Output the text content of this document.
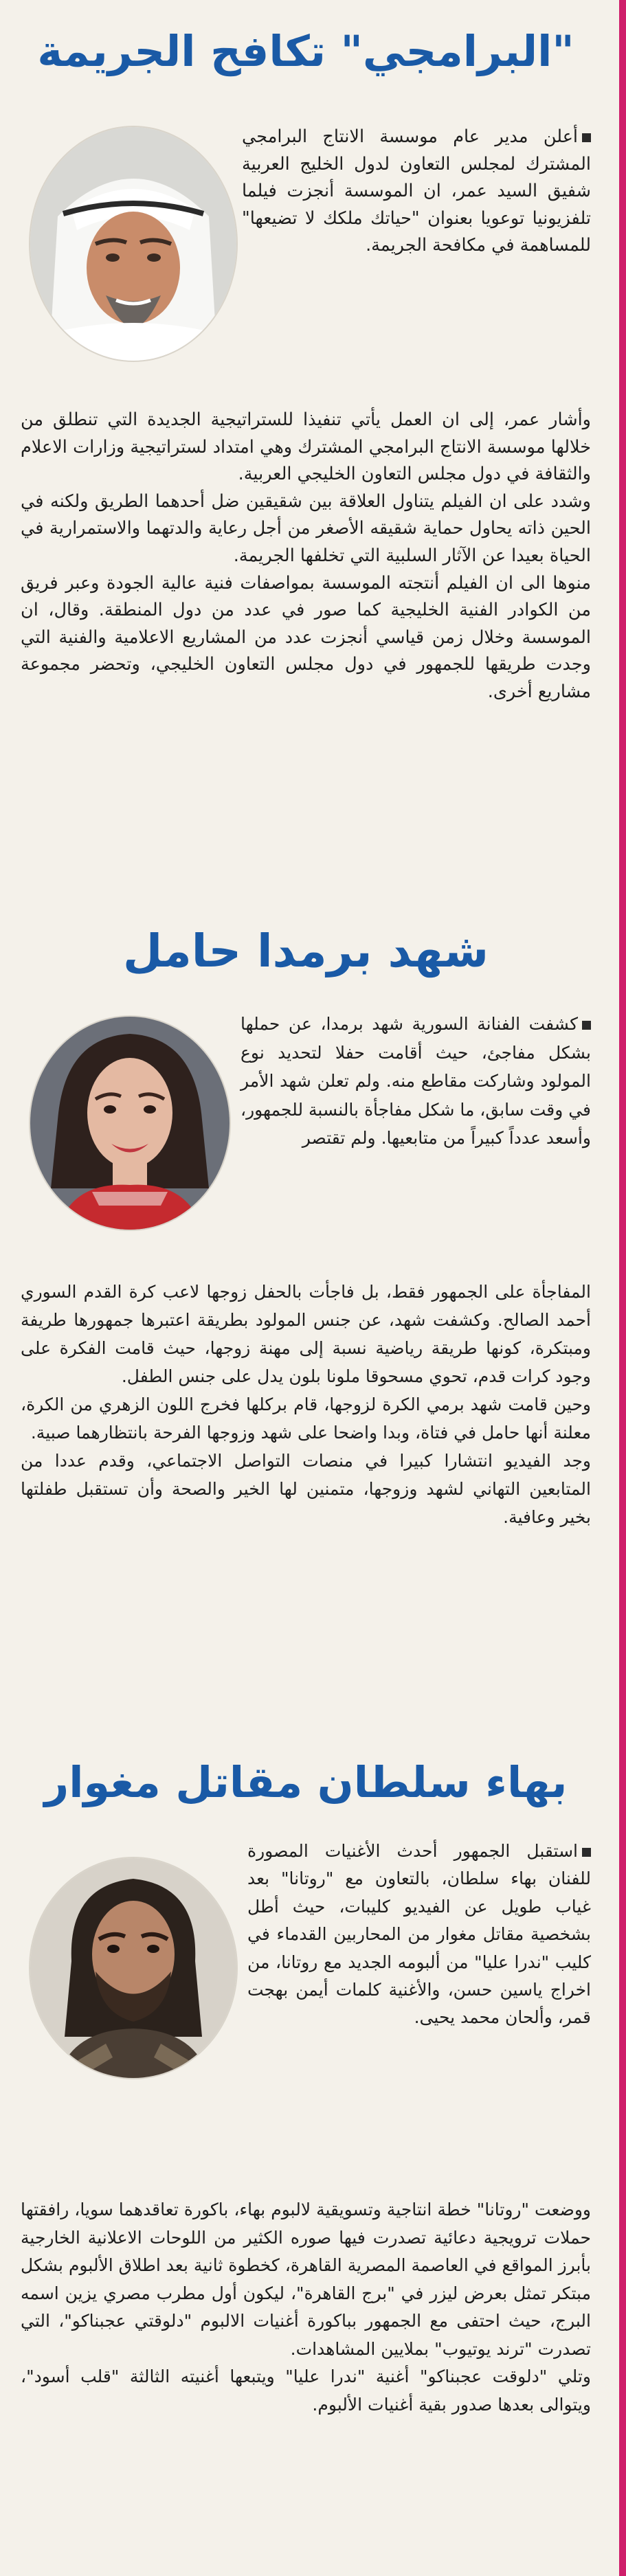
"البرامجي" تكافح الجريمة

أعلن مدير عام موسسة الانتاج البرامجي المشترك لمجلس التعاون لدول الخليج العربية شفيق السيد عمر، ان الموسسة أنجزت فيلما تلفزيونيا توعويا بعنوان "حياتك ملكك لا تضيعها" للمساهمة في مكافحة الجريمة.

وأشار عمر، إلى ان العمل يأتي تنفيذا للستراتيجية الجديدة التي تنطلق من خلالها موسسة الانتاج البرامجي المشترك وهي امتداد لستراتيجية وزارات الاعلام والثقافة في دول مجلس التعاون الخليجي العربية.
وشدد على ان الفيلم يتناول العلاقة بين شقيقين ضل أحدهما الطريق ولكنه في الحين ذاته يحاول حماية شقيقه الأصغر من أجل رعاية والدتهما والاستمرارية في الحياة بعيدا عن الآثار السلبية التي تخلفها الجريمة.
منوها الى ان الفيلم أنتجته الموسسة بمواصفات فنية عالية الجودة وعبر فريق من الكوادر الفنية الخليجية كما صور في عدد من دول المنطقة. وقال، ان الموسسة وخلال زمن قياسي أنجزت عدد من المشاريع الاعلامية والفنية التي وجدت طريقها للجمهور في دول مجلس التعاون الخليجي، وتحضر مجموعة مشاريع أخرى.

شهد برمدا حامل

كشفت الفنانة السورية شهد برمدا، عن حملها بشكل مفاجئ، حيث أقامت حفلا لتحديد نوع المولود وشاركت مقاطع منه. ولم تعلن شهد الأمر في وقت سابق، ما شكل مفاجأة بالنسبة للجمهور، وأسعد عدداً كبيراً من متابعيها. ولم تقتصر

المفاجأة على الجمهور فقط، بل فاجأت بالحفل زوجها لاعب كرة القدم السوري أحمد الصالح. وكشفت شهد، عن جنس المولود بطريقة اعتبرها جمهورها طريفة ومبتكرة، كونها طريقة رياضية نسبة إلى مهنة زوجها، حيث قامت الفكرة على وجود كرات قدم، تحوي مسحوقا ملونا بلون يدل على جنس الطفل.
وحين قامت شهد برمي الكرة لزوجها، قام بركلها فخرج اللون الزهري من الكرة، معلنة أنها حامل في فتاة، وبدا واضحا على شهد وزوجها الفرحة بانتظارهما صبية.
وجد الفيديو انتشارا كبيرا في منصات التواصل الاجتماعي، وقدم عددا من المتابعين التهاني لشهد وزوجها، متمنين لها الخير والصحة وأن تستقبل طفلتها بخير وعافية.

بهاء سلطان مقاتل مغوار

استقبل الجمهور أحدث الأغنيات المصورة للفنان بهاء سلطان، بالتعاون مع "روتانا" بعد غياب طويل عن الفيديو كليبات، حيث أطل بشخصية مقاتل مغوار من المحاربين القدماء في كليب "ندرا عليا" من ألبومه الجديد مع روتانا، من اخراج ياسين حسن، والأغنية كلمات أيمن بهجت قمر، وألحان محمد يحيى.

ووضعت "روتانا" خطة انتاجية وتسويقية لالبوم بهاء، باكورة تعاقدهما سويا، رافقتها حملات ترويجية دعائية تصدرت فيها صوره الكثير من اللوحات الاعلانية الخارجية بأبرز المواقع في العاصمة المصرية القاهرة، كخطوة ثانية بعد اطلاق الألبوم بشكل مبتكر تمثل بعرض ليزر في "برج القاهرة"، ليكون أول مطرب مصري يزين اسمه البرج، حيث احتفى مع الجمهور بباكورة أغنيات الالبوم "دلوقتي عجبناكو"، التي تصدرت "ترند يوتيوب" بملايين المشاهدات.
وتلي "دلوقت عجبناكو" أغنية "ندرا عليا" ويتبعها أغنيته الثالثة "قلب أسود"، ويتوالى بعدها صدور بقية أغنيات الألبوم.
